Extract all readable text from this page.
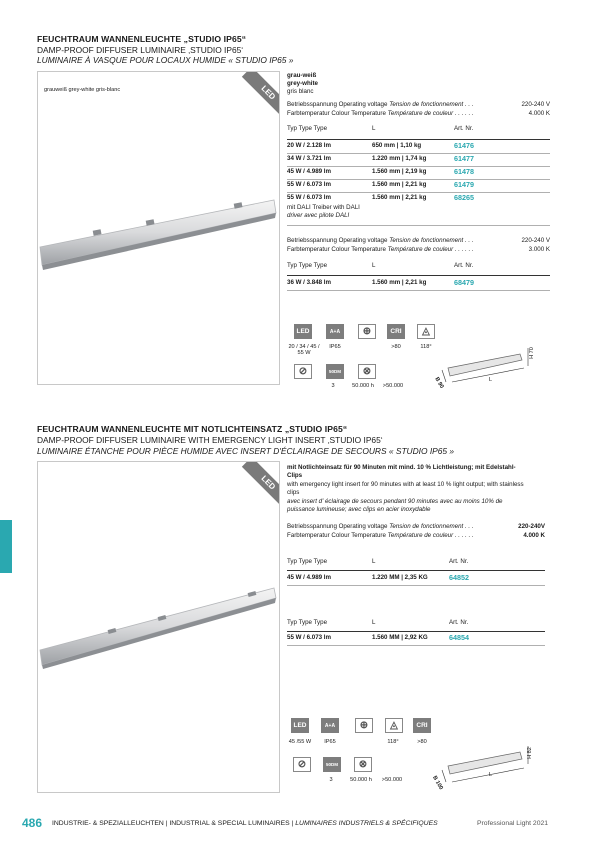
FEUCHTRAUM WANNENLEUCHTE „STUDIO IP65“
DAMP-PROOF DIFFUSER LUMINAIRE ‚STUDIO IP65‘
LUMINAIRE À VASQUE POUR LOCAUX HUMIDE « STUDIO IP65 »
LED
grauweiß grey-white gris-blanc
grau-weiß
grey-white
gris blanc
Betriebsspannung Operating voltage Tension de fonctionnement . . .	220-240 V
Farbtemperatur Colour Temperature Température de couleur . . . . . .	4.000 K
Typ Type Type	L	Art. Nr.
20 W / 2.128 lm	650 mm | 1,10 kg	61476
34 W / 3.721 lm	1.220 mm | 1,74 kg	61477
45 W / 4.989 lm	1.560 mm | 2,19 kg	61478
55 W / 6.073 lm	1.560 mm | 2,21 kg	61479
55 W / 6.073 lm	1.560 mm | 2,21 kg	68265
mit DALI Treiber with DALI
driver avec pilote DALI
Betriebsspannung Operating voltage Tension de fonctionnement . . .	220-240 V
Farbtemperatur Colour Temperature Température de couleur . . . . . .	3.000 K
Typ Type Type	L	Art. Nr.
36 W / 3.848 lm	1.560 mm | 2,21 kg	68479
LED	A+A	⊕	CRI	◬
20 / 34 / 45 / 55 W
IP65	>80	118°
⊘	50DM	⊗
3	50.000 h	>50.000
H 70
B 90	L
FEUCHTRAUM WANNENLEUCHTE MIT NOTLICHTEINSATZ „STUDIO IP65“
DAMP-PROOF DIFFUSER LUMINAIRE WITH EMERGENCY LIGHT INSERT ‚STUDIO IP65‘
LUMINAIRE ÉTANCHE POUR PIÈCE HUMIDE AVEC INSERT D'ÉCLAIRAGE DE SECOURS « STUDIO IP65 »
LED
mit Notlichteinsatz für 90 Minuten mit mind. 10 % Lichtleistung; mit Edelstahl-Clips
with emergency light insert for 90 minutes with at least 10 % light output; with stainless clips
avec insert d' éclairage de secours pendant 90 minutes avec au moins 10% de puissance lumineuse; avec clips en acier inoxydable
Betriebsspannung Operating voltage Tension de fonctionnement . . .	220-240V
Farbtemperatur Colour Temperature Température de couleur . . . . . .	4.000 K
Typ Type Type	L	Art. Nr.
45 W / 4.989 lm	1.220 MM | 2,35 KG	64852
Typ Type Type	L	Art. Nr.
55 W / 6.073 lm	1.560 MM | 2,92 KG	64854
LED	A+A	⊕	◬	CRI
45 /55 W	IP65	118°	>80
⊘	50DM	⊗
3	50.000 h	>50.000
H 82
B 100
L
486 INDUSTRIE- & SPEZIALLEUCHTEN | INDUSTRIAL & SPECIAL LUMINAIRES | LUMINAIRES INDUSTRIELS & SPÉCIFIQUES	Professional Light 2021
